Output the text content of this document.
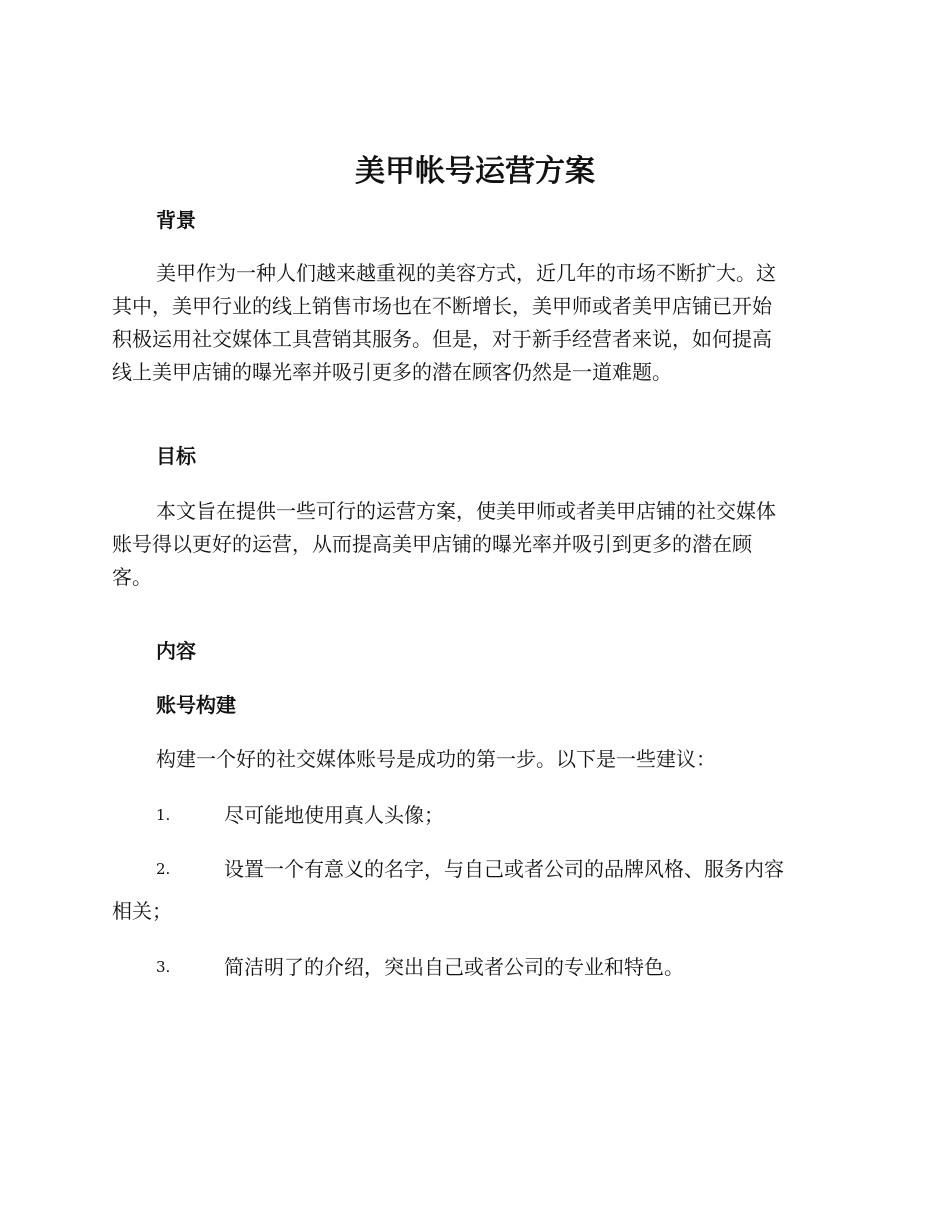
美甲帐号运营方案
背景
美甲作为一种人们越来越重视的美容方式，近几年的市场不断扩大。这
其中，美甲行业的线上销售市场也在不断增长，美甲师或者美甲店铺已开始
积极运用社交媒体工具营销其服务。但是，对于新手经营者来说，如何提高
线上美甲店铺的曝光率并吸引更多的潜在顾客仍然是一道难题。
目标
本文旨在提供一些可行的运营方案，使美甲师或者美甲店铺的社交媒体
账号得以更好的运营，从而提高美甲店铺的曝光率并吸引到更多的潜在顾
客。
内容
账号构建
构建一个好的社交媒体账号是成功的第一步。以下是一些建议：
1.	尽可能地使用真人头像；
2.	设置一个有意义的名字，与自己或者公司的品牌风格、服务内容
相关；
3.	简洁明了的介绍，突出自己或者公司的专业和特色。
